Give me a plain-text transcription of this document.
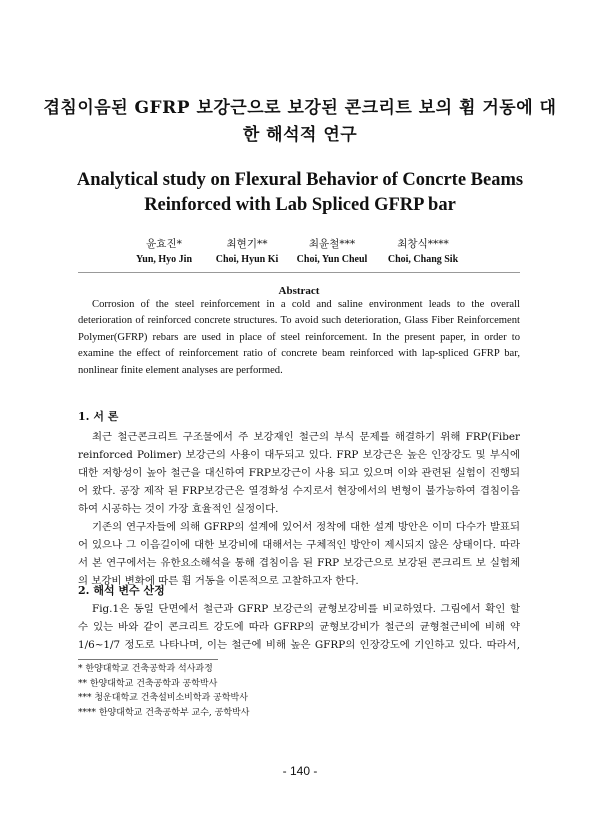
겹침이음된 GFRP 보강근으로 보강된 콘크리트 보의 휨 거동에 대한 해석적 연구
Analytical study on Flexural Behavior of Concrte Beams Reinforced with Lab Spliced GFRP bar
윤효진*
Yun, Hyo Jin
최현기**
Choi, Hyun Ki
최윤철***
Choi, Yun Cheul
최창식****
Choi, Chang Sik
Abstract
Corrosion of the steel reinforcement in a cold and saline environment leads to the overall deterioration of reinforced concrete structures. To avoid such deterioration, Glass Fiber Reinforcement Polymer(GFRP) rebars are used in place of steel reinforcement. In the present paper, in order to examine the effect of reinforcement ratio of concrete beam reinforced with lap-spliced GFRP bar, nonlinear finite element analyses are performed.
1. 서 론

최근 철근콘크리트 구조물에서 주 보강재인 철근의 부식 문제를 해결하기 위해 FRP(Fiber reinforced Polimer) 보강근의 사용이 대두되고 있다. FRP 보강근은 높은 인장강도 및 부식에 대한 저항성이 높아 철근을 대신하여 FRP보강근이 사용 되고 있으며 이와 관련된 실험이 진행되어 왔다. 공장 제작 된 FRP보강근은 열경화성 수지로서 현장에서의 변형이 불가능하여 겹침이음하여 시공하는 것이 가장 효율적인 실정이다.

기존의 연구자들에 의해 GFRP의 설계에 있어서 정착에 대한 설계 방안은 이미 다수가 발표되어 있으나 그 이음길이에 대한 보강비에 대해서는 구체적인 방안이 제시되지 않은 상태이다. 따라서 본 연구에서는 유한요소해석을 통해 겹침이음 된 FRP 보강근으로 보강된 콘크리트 보 실험체의 보강비 변화에 따른 휨 거동을 이론적으로 고찰하고자 한다.

2. 해석 변수 산정

Fig.1은 동일 단면에서 철근과 GFRP 보강근의 균형보강비를 비교하였다. 그림에서 확인 할 수 있는 바와 같이 콘크리트 강도에 따라 GFRP의 균형보강비가 철근의 균형철근비에 비해 약 1/6~1/7 정도로 나타나며, 이는 철근에 비해 높은 GFRP의 인장강도에 기인하고 있다. 따라서,

* 한양대학교 건축공학과 석사과정
** 한양대학교 건축공학과 공학박사
*** 청운대학교 건축설비소비학과 공학박사
**** 한양대학교 건축공학부 교수, 공학박사
- 140 -
